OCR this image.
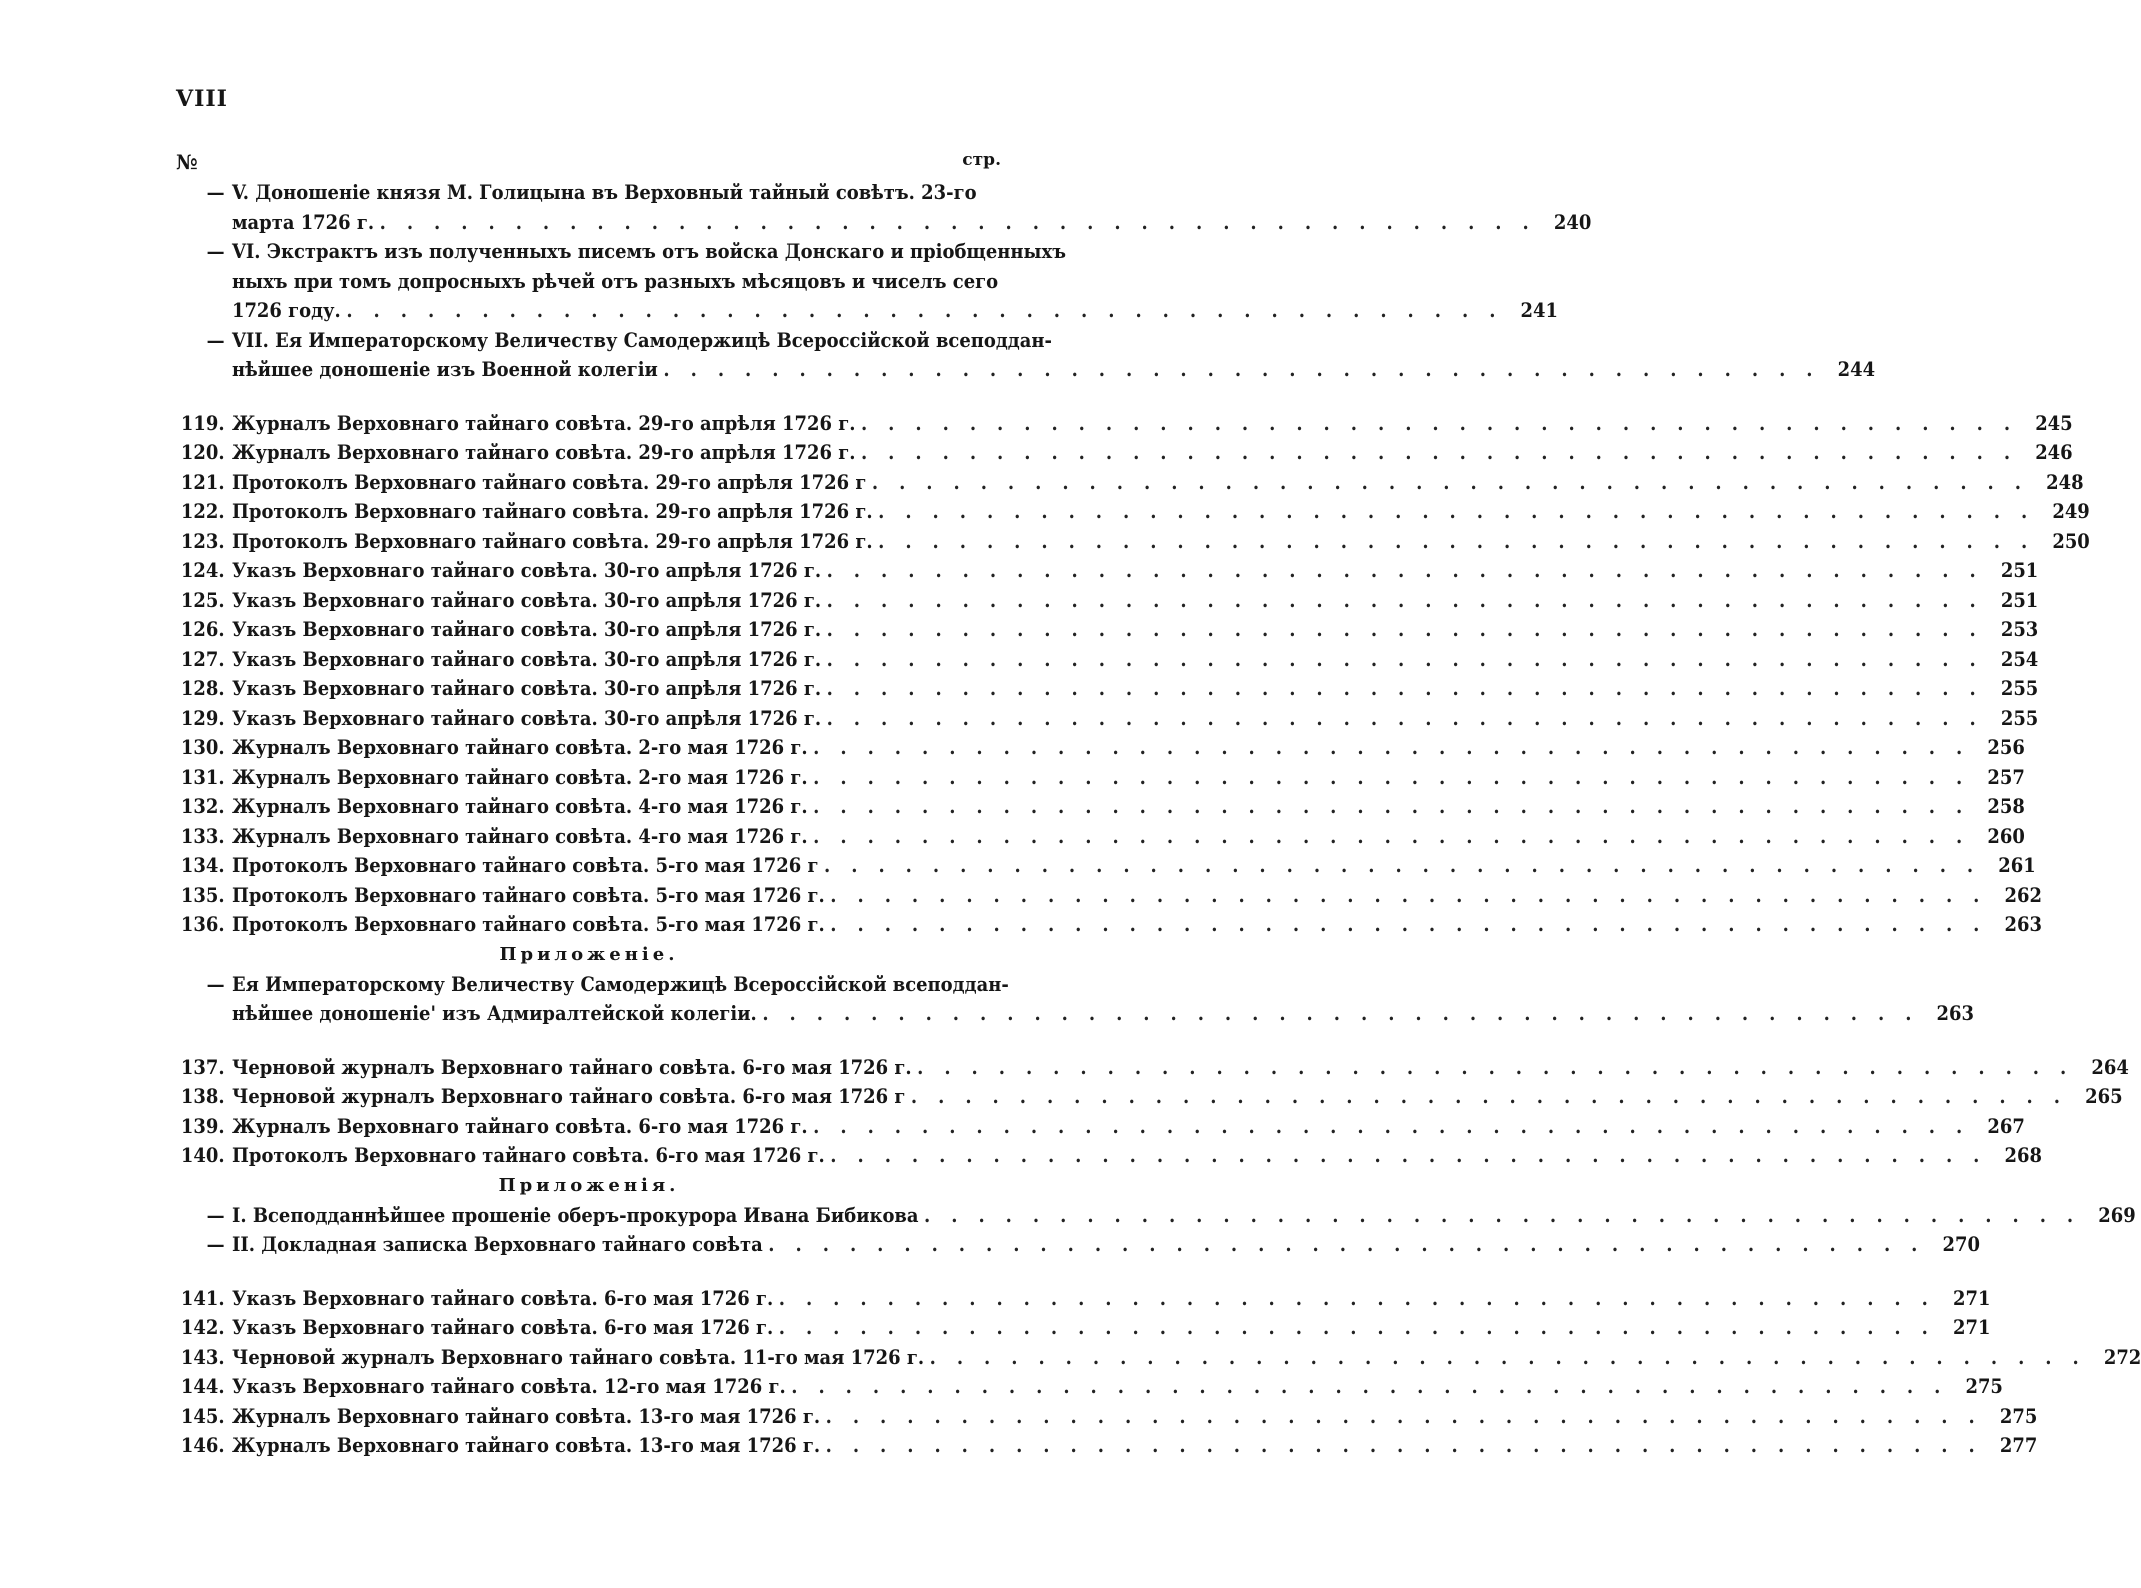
VIII
№	стр.
— V. Доношеніе князя М. Голицына въ Верховный тайный совѣтъ. 23-го
марта 1726 г. . . . . . . . . . . . . . . . . . . . . . . . . . . . . . . . . . . . . . . . . . . . 240
— VI. Экстрактъ изъ полученныхъ писемъ отъ войска Донскаго и пріобщенныхъ
ныхъ при томъ допросныхъ рѣчей отъ разныхъ мѣсяцовъ и чиселъ сего
1726 году. . . . . . . . . . . . . . . . . . . . . . . . . . . . . . . . . . . . . . . . . . . . 241
— VII. Ея Императорскому Величеству Самодержицѣ Всероссійской всеподдан-
нѣйшее доношеніе изъ Военной колегіи . . . . . . . . . . . . . . . . . . . . . . . . . . . . . . . . . . . . . . . . . . . 244
119. Журналъ Верховнаго тайнаго совѣта. 29-го апрѣля 1726 г. . . . . . . . . . . . . . . . . . . . . . . . . . . . . . . . . . . . . . . . . . . . 245
120. Журналъ Верховнаго тайнаго совѣта. 29-го апрѣля 1726 г. . . . . . . . . . . . . . . . . . . . . . . . . . . . . . . . . . . . . . . . . . . . 246
121. Протоколъ Верховнаго тайнаго совѣта. 29-го апрѣля 1726 г . . . . . . . . . . . . . . . . . . . . . . . . . . . . . . . . . . . . . . . . . . . 248
122. Протоколъ Верховнаго тайнаго совѣта. 29-го апрѣля 1726 г. . . . . . . . . . . . . . . . . . . . . . . . . . . . . . . . . . . . . . . . . . . . 249
123. Протоколъ Верховнаго тайнаго совѣта. 29-го апрѣля 1726 г. . . . . . . . . . . . . . . . . . . . . . . . . . . . . . . . . . . . . . . . . . . . 250
124. Указъ Верховнаго тайнаго совѣта. 30-го апрѣля 1726 г. . . . . . . . . . . . . . . . . . . . . . . . . . . . . . . . . . . . . . . . . . . . 251
125. Указъ Верховнаго тайнаго совѣта. 30-го апрѣля 1726 г. . . . . . . . . . . . . . . . . . . . . . . . . . . . . . . . . . . . . . . . . . . . 251
126. Указъ Верховнаго тайнаго совѣта. 30-го апрѣля 1726 г. . . . . . . . . . . . . . . . . . . . . . . . . . . . . . . . . . . . . . . . . . . . 253
127. Указъ Верховнаго тайнаго совѣта. 30-го апрѣля 1726 г. . . . . . . . . . . . . . . . . . . . . . . . . . . . . . . . . . . . . . . . . . . . 254
128. Указъ Верховнаго тайнаго совѣта. 30-го апрѣля 1726 г. . . . . . . . . . . . . . . . . . . . . . . . . . . . . . . . . . . . . . . . . . . . 255
129. Указъ Верховнаго тайнаго совѣта. 30-го апрѣля 1726 г. . . . . . . . . . . . . . . . . . . . . . . . . . . . . . . . . . . . . . . . . . . . 255
130. Журналъ Верховнаго тайнаго совѣта. 2-го мая 1726 г. . . . . . . . . . . . . . . . . . . . . . . . . . . . . . . . . . . . . . . . . . . . 256
131. Журналъ Верховнаго тайнаго совѣта. 2-го мая 1726 г. . . . . . . . . . . . . . . . . . . . . . . . . . . . . . . . . . . . . . . . . . . . 257
132. Журналъ Верховнаго тайнаго совѣта. 4-го мая 1726 г. . . . . . . . . . . . . . . . . . . . . . . . . . . . . . . . . . . . . . . . . . . . 258
133. Журналъ Верховнаго тайнаго совѣта. 4-го мая 1726 г. . . . . . . . . . . . . . . . . . . . . . . . . . . . . . . . . . . . . . . . . . . . 260
134. Протоколъ Верховнаго тайнаго совѣта. 5-го мая 1726 г . . . . . . . . . . . . . . . . . . . . . . . . . . . . . . . . . . . . . . . . . . . 261
135. Протоколъ Верховнаго тайнаго совѣта. 5-го мая 1726 г. . . . . . . . . . . . . . . . . . . . . . . . . . . . . . . . . . . . . . . . . . . . 262
136. Протоколъ Верховнаго тайнаго совѣта. 5-го мая 1726 г. . . . . . . . . . . . . . . . . . . . . . . . . . . . . . . . . . . . . . . . . . . . 263
Приложеніе.
— Ея Императорскому Величеству Самодержицѣ Всероссійской всеподдан-
нѣйшее доношеніе' изъ Адмиралтейской колегіи. . . . . . . . . . . . . . . . . . . . . . . . . . . . . . . . . . . . . . . . . . . . 263
137. Черновой журналъ Верховнаго тайнаго совѣта. 6-го мая 1726 г. . . . . . . . . . . . . . . . . . . . . . . . . . . . . . . . . . . . . . . . . . . . 264
138. Черновой журналъ Верховнаго тайнаго совѣта. 6-го мая 1726 г . . . . . . . . . . . . . . . . . . . . . . . . . . . . . . . . . . . . . . . . . . . 265
139. Журналъ Верховнаго тайнаго совѣта. 6-го мая 1726 г. . . . . . . . . . . . . . . . . . . . . . . . . . . . . . . . . . . . . . . . . . . . 267
140. Протоколъ Верховнаго тайнаго совѣта. 6-го мая 1726 г. . . . . . . . . . . . . . . . . . . . . . . . . . . . . . . . . . . . . . . . . . . . 268
Приложенія.
— I. Всеподданнѣйшее прошеніе оберъ-прокурора Ивана Бибикова . . . . . . . . . . . . . . . . . . . . . . . . . . . . . . . . . . . . . . . . . . . 269
— II. Докладная записка Верховнаго тайнаго совѣта . . . . . . . . . . . . . . . . . . . . . . . . . . . . . . . . . . . . . . . . . . . 270
141. Указъ Верховнаго тайнаго совѣта. 6-го мая 1726 г. . . . . . . . . . . . . . . . . . . . . . . . . . . . . . . . . . . . . . . . . . . . 271
142. Указъ Верховнаго тайнаго совѣта. 6-го мая 1726 г. . . . . . . . . . . . . . . . . . . . . . . . . . . . . . . . . . . . . . . . . . . . 271
143. Черновой журналъ Верховнаго тайнаго совѣта. 11-го мая 1726 г. . . . . . . . . . . . . . . . . . . . . . . . . . . . . . . . . . . . . . . . . . . . 272
144. Указъ Верховнаго тайнаго совѣта. 12-го мая 1726 г. . . . . . . . . . . . . . . . . . . . . . . . . . . . . . . . . . . . . . . . . . . . 275
145. Журналъ Верховнаго тайнаго совѣта. 13-го мая 1726 г. . . . . . . . . . . . . . . . . . . . . . . . . . . . . . . . . . . . . . . . . . . . 275
146. Журналъ Верховнаго тайнаго совѣта. 13-го мая 1726 г. . . . . . . . . . . . . . . . . . . . . . . . . . . . . . . . . . . . . . . . . . . . 277
